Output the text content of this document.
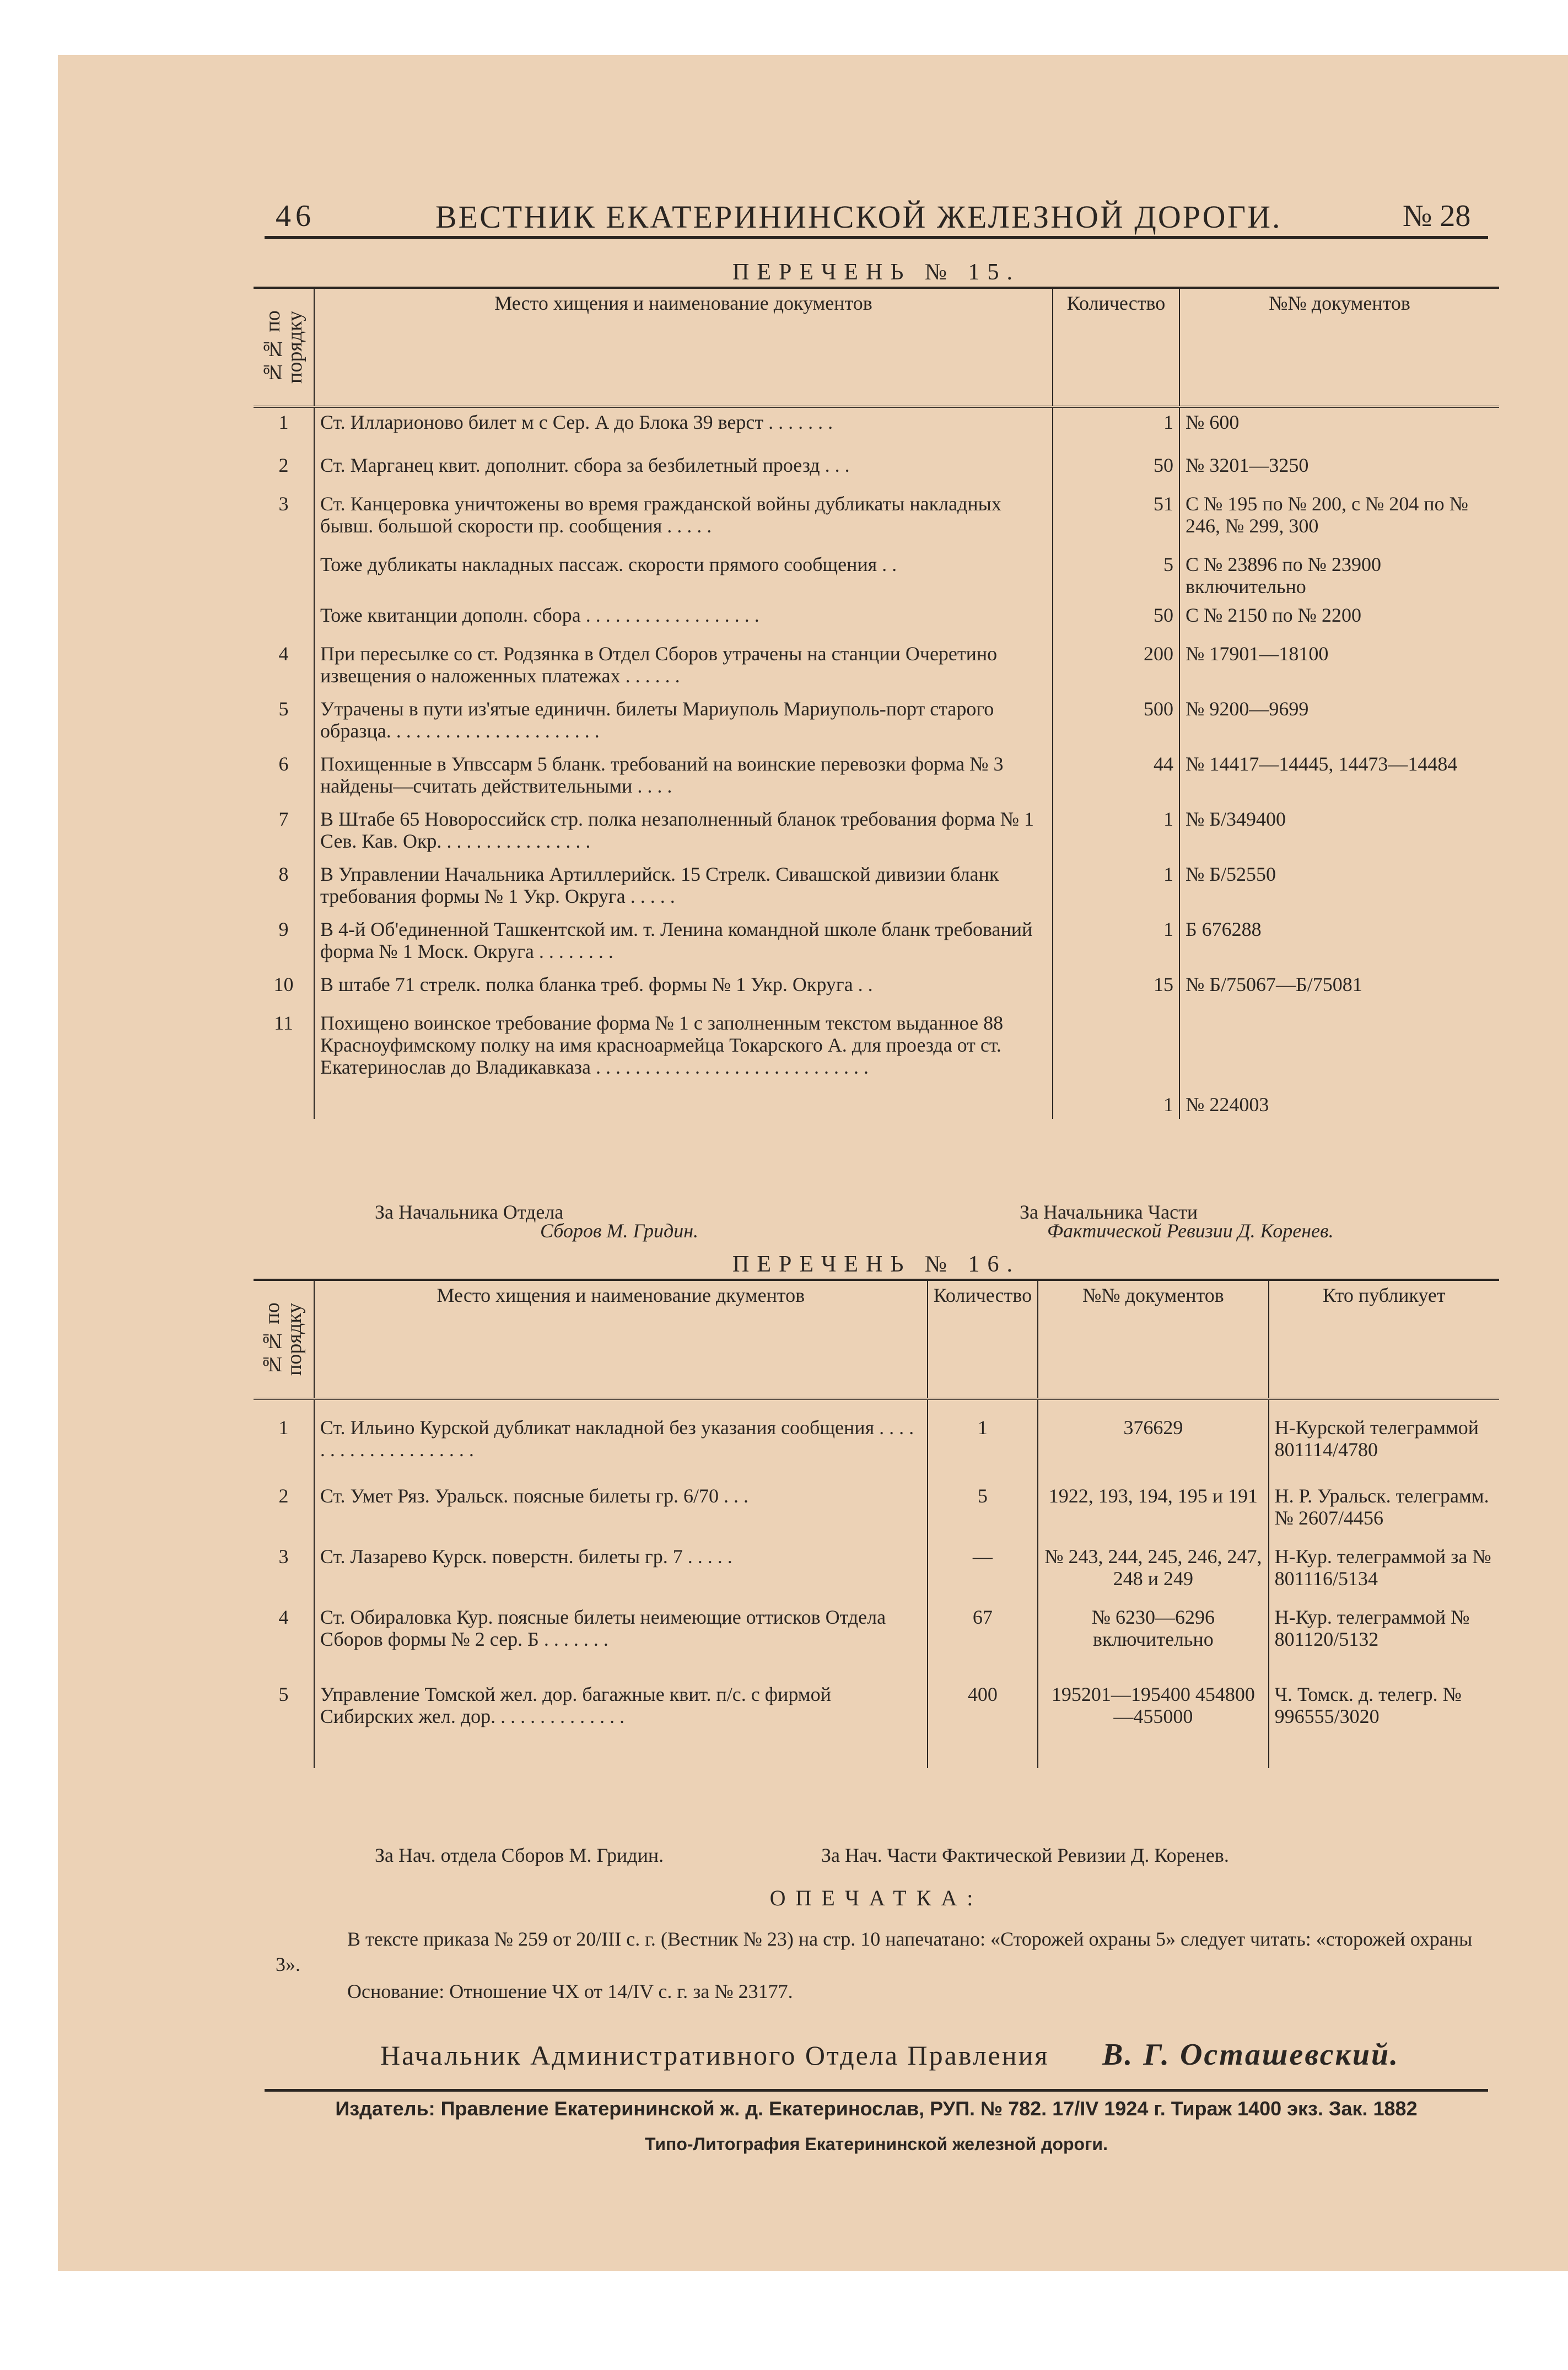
46	ВЕСТНИК ЕКАТЕРИНИНСКОЙ ЖЕЛЕЗНОЙ ДОРОГИ.	№ 28
ПЕРЕЧЕНЬ № 15.
№№ по порядку	Место хищения и наименование документов	Количество	№№ документов
1	Ст. Илларионово билет м с Сер. А до Блока 39 верст . . . . . . .	1	№ 600
2	Ст. Марганец квит. дополнит. сбора за безбилетный проезд . . .	50	№ 3201—3250
3	Ст. Канцеровка уничтожены во время гражданской войны дубликаты накладных бывш. большой скорости пр. сообщения . . . . .	51	С № 195 по № 200, с № 204 по № 246, № 299, 300
	Тоже дубликаты накладных пассаж. скорости прямого сообщения . .	5	С № 23896 по № 23900 включительно
	Тоже квитанции дополн. сбора . . . . . . . . . . . . . . . . . .	50	С № 2150 по № 2200
4	При пересылке со ст. Родзянка в Отдел Сборов утрачены на станции Очеретино извещения о наложенных платежах . . . . . .	200	№ 17901—18100
5	Утрачены в пути из'ятые единичн. билеты Мариуполь Мариуполь-порт старого образца. . . . . . . . . . . . . . . . . . . . . .	500	№ 9200—9699
6	Похищенные в Упвссарм 5 бланк. требований на воинские перевозки форма № 3 найдены—считать действительными . . . .	44	№ 14417—14445, 14473—14484
7	В Штабе 65 Новороссийск стр. полка незаполненный бланок требования форма № 1 Сев. Кав. Окр. . . . . . . . . . . . . . . .	1	№ Б/349400
8	В Управлении Начальника Артиллерийск. 15 Стрелк. Сивашской дивизии бланк требования формы № 1 Укр. Округа . . . . .	1	№ Б/52550
9	В 4-й Об'единенной Ташкентской им. т. Ленина командной школе бланк требований форма № 1 Моск. Округа . . . . . . . .	1	Б 676288
10	В штабе 71 стрелк. полка бланка треб. формы № 1 Укр. Округа . .	15	№ Б/75067—Б/75081
11	Похищено воинское требование форма № 1 с заполненным текстом выданное 88 Красноуфимскому полку на имя красноармейца Токарского А. для проезда от ст. Екатеринослав до Владикавказа . . . . . . . . . . . . . . . . . . . . . . . . . . . .	1	№ 224003
За Начальника Отдела
Сборов М. Гридин.
За Начальника Части
Фактической Ревизии Д. Коренев.
ПЕРЕЧЕНЬ № 16.
№№ по порядку	Место хищения и наименование дкументов	Количество	№№ документов	Кто публикует
1	Ст. Ильино Курской дубликат накладной без указания сообщения . . . . . . . . . . . . . . . . . . . .	1	376629	Н-Курской телеграммой 801114/4780
2	Ст. Умет Ряз. Уральск. поясные билеты гр. 6/70 . . .	5	1922, 193, 194, 195 и 191	Н. Р. Уральск. телеграмм. № 2607/4456
3	Ст. Лазарево Курск. поверстн. билеты гр. 7 . . . . .	—	№ 243, 244, 245, 246, 247, 248 и 249	Н-Кур. телеграммой за № 801116/5134
4	Ст. Обираловка Кур. поясные билеты неимеющие оттисков Отдела Сборов формы № 2 сер. Б . . . . . . .	67	№ 6230—6296 включительно	Н-Кур. телеграммой № 801120/5132
5	Управление Томской жел. дор. багажные квит. п/с. с фирмой Сибирских жел. дор. . . . . . . . . . . . . .	400	195201—195400 454800—455000	Ч. Томск. д. телегр. № 996555/3020
За Нач. отдела Сборов М. Гридин.	За Нач. Части Фактической Ревизии Д. Коренев.
ОПЕЧАТКА:
В тексте приказа № 259 от 20/III с. г. (Вестник № 23) на стр. 10 напечатано: «Сторожей охраны 5» следует читать: «сторожей охраны 3».
Основание: Отношение ЧХ от 14/IV с. г. за № 23177.
Начальник Административного Отдела Правления В. Г. Осташевский.
Издатель: Правление Екатерининской ж. д. Екатеринослав, РУП. № 782. 17/IV 1924 г. Тираж 1400 экз. Зак. 1882
Типо-Литография Екатерининской железной дороги.
